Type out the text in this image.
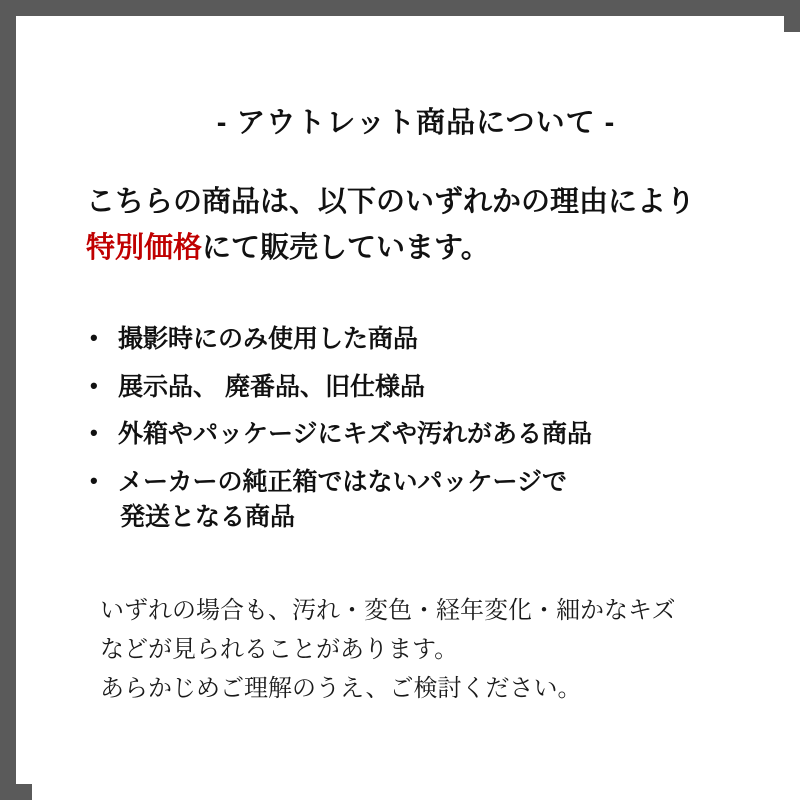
- アウトレット商品について -
こちらの商品は、以下のいずれかの理由により
特別価格にて販売しています。
• 撮影時にのみ使用した商品
• 展示品、 廃番品、旧仕様品
• 外箱やパッケージにキズや汚れがある商品
• メーカーの純正箱ではないパッケージで
発送となる商品

いずれの場合も、汚れ・変色・経年変化・細かなキズ

などが見られることがあります。

あらかじめご理解のうえ、ご検討ください。
